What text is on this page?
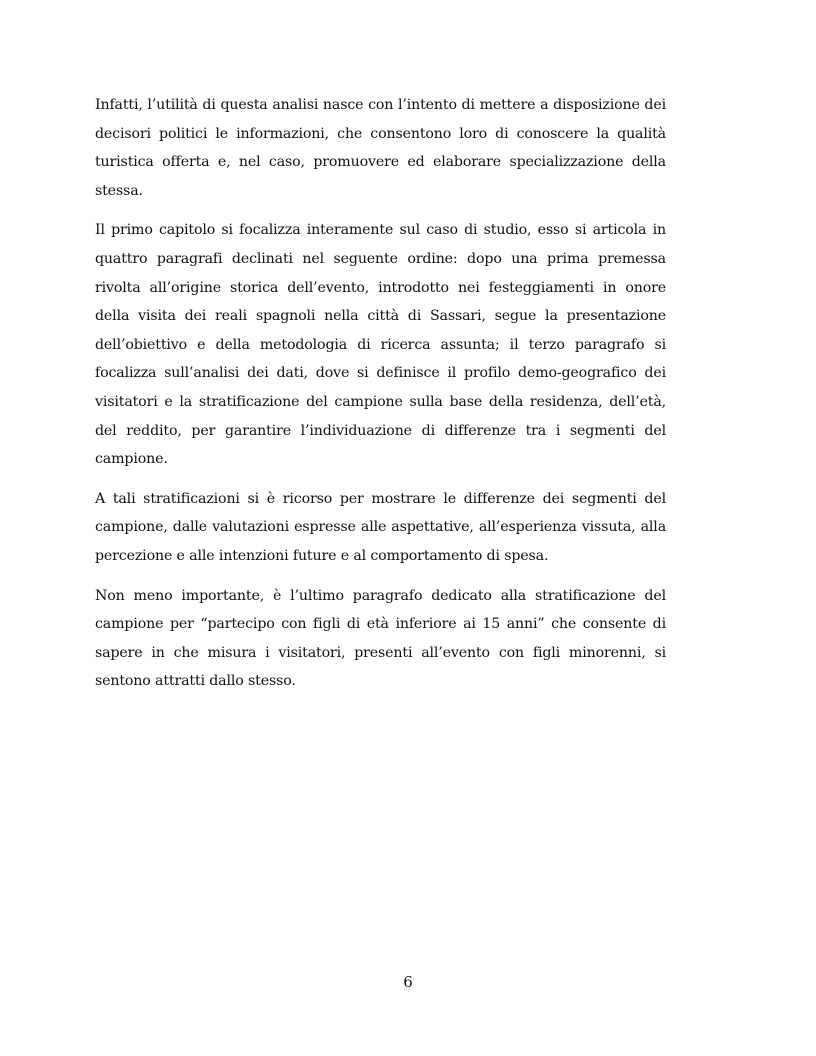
Infatti, l’utilità di questa analisi nasce con l’intento di mettere a disposizione dei decisori politici le informazioni, che consentono loro di conoscere la qualità turistica offerta e, nel caso, promuovere ed elaborare specializzazione della stessa.

Il primo capitolo si focalizza interamente sul caso di studio, esso si articola in quattro paragrafi declinati nel seguente ordine: dopo una prima premessa rivolta all’origine storica dell’evento, introdotto nei festeggiamenti in onore della visita dei reali spagnoli nella città di Sassari, segue la presentazione dell’obiettivo e della metodologia di ricerca assunta; il terzo paragrafo si focalizza sull’analisi dei dati, dove si definisce il profilo demo-geografico dei visitatori e la stratificazione del campione sulla base della residenza, dell’età, del reddito, per garantire l’individuazione di differenze tra i segmenti del campione.

A tali stratificazioni si è ricorso per mostrare le differenze dei segmenti del campione, dalle valutazioni espresse alle aspettative, all’esperienza vissuta, alla percezione e alle intenzioni future e al comportamento di spesa.

Non meno importante, è l’ultimo paragrafo dedicato alla stratificazione del campione per “partecipo con figli di età inferiore ai 15 anni” che consente di sapere in che misura i visitatori, presenti all’evento con figli minorenni, si sentono attratti dallo stesso.

6
